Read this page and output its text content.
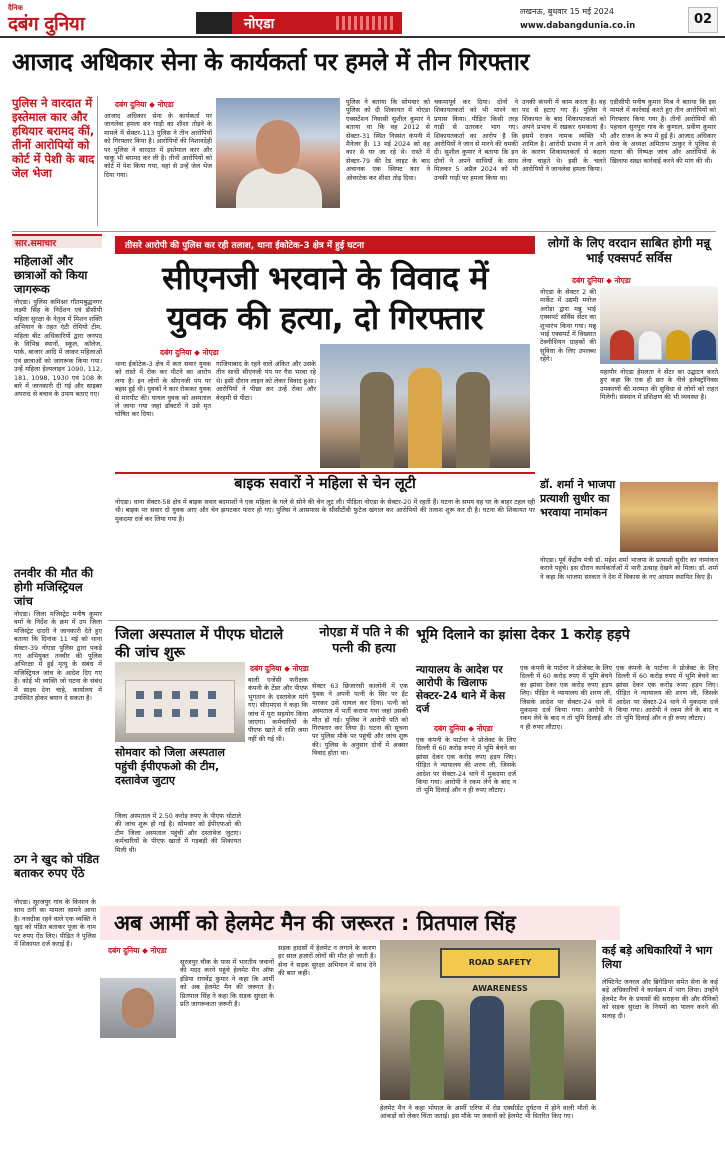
दैनिक
दबंग दुनिया	नोएडा
लखनऊ, बुधवार 15 मई 2024
www.dabangdunia.co.in	02
आजाद अधिकार सेना के कार्यकर्ता पर हमले में तीन गिरफ्तार
पुलिस ने वारदात में इस्तेमाल कार और हथियार बरामद कीं, तीनों आरोपियों को कोर्ट में पेशी के बाद जेल भेजा
दबंग दुनिया ◆ नोएडा
आजाद अधिकार सेना के कार्यकर्ता पर जानलेवा हमला कर गाड़ी का शीशा तोड़ने के मामले में सेक्टर-113 पुलिस ने तीन आरोपियों को गिरफ्तार किया है। आरोपियों की निशानदेही पर पुलिस ने वारदात में इस्तेमाल कार और चाकू भी बरामद कर ली है। तीनों आरोपियों को कोर्ट में पेश किया गया, वहां से उन्हें जेल भेज दिया गया।
पुलिस ने बताया कि सोमवार को पुलिस को दी शिकायत में नोएडा एक्सटेंशन निवासी सुशील कुमार ने बताया था कि वह 2012 से सेक्टर-31 स्थित निस्संत कंपनी में मैनेजर हैं। 13 मई 2024 को वह कार से घर जा रहे थे। रास्ते में सेक्टर-79 की रेड लाइट के बाद अचानक एक स्विफ्ट कार ने ओवरटेक कर शीशा तोड़ दिया।
चकमापूर्व कर दिया। दोनों ने शिकायतकर्ता को भी मारने का प्रयास किया। पीड़ित किसी तरह गाड़ी से उतरकर भाग गए। शिकायतकर्ता का आरोप है कि आरोपियों ने जान से मारने की धमकी दी। सुशील कुमार ने बताया कि इन दोनों ने अपने साथियों के साथ मिलकर 5 अप्रैल 2024 को भी उनकी गाड़ी पर हमला किया था।
उनकी कंपनी में काम करता है। वह पद से हटाए गए हैं। पुलिस ने शिकायत के बाद शिकायतकर्ता को अपने प्रभाव में रखकर धमकाया है। इसमें राजन नामक व्यक्ति भी शामिल है। आरोपी प्रभाव में न आने के कारण शिकायतकर्ता से बदला लेना चाहते थे। इसी के चलते आरोपियों ने जानलेवा हमला किया।
एडीसीपी मनीष कुमार मिश्र ने बताया कि इस मामले में कार्रवाई करते हुए तीन आरोपियों को गिरफ्तार किया गया है। तीनों आरोपियों की पहचान सुनपुरा गांव के कुणाल, प्रवीण कुमार और राजन के रूप में हुई है। आजाद अधिकार सेना के अध्यक्ष अमिताभ ठाकुर ने पुलिस से घटना की निष्पक्ष जांच और आरोपियों के खिलाफ सख्त कार्रवाई करने की मांग की थी।
सार.समाचार
महिलाओं और छात्राओं को किया जागरूक
नोएडा। पुलिस कमिश्नर गौतमबुद्धनगर लक्ष्मी सिंह के निर्देशन एवं डीसीपी महिला सुरक्षा के नेतृत्व में मिशन शक्ति अभियान के तहत एंटी रोमियो टीम, महिला बीट अधिकारियों द्वारा जनपद के विभिन्न स्थानों, स्कूल, कॉलेज, पार्क, बाजार आदि में जाकर महिलाओं एवं छात्राओं को जागरूक किया गया। उन्हें महिला हेल्पलाइन 1090, 112, 181, 1098, 1930 एवं 108 के बारे में जानकारी दी गई और साइबर अपराध से बचाव के उपाय बताए गए।
तनवीर की मौत की होगी मजिस्ट्रियल जांच
नोएडा। जिला मजिस्ट्रेट मनीष कुमार वर्मा के निर्देश के क्रम में उप जिला मजिस्ट्रेट दादरी ने जानकारी देते हुए बताया कि दिनांक 11 मई को थाना सेक्टर-39 नोएडा पुलिस द्वारा पकड़े गए अभियुक्त तनवीर की पुलिस अभिरक्षा में हुई मृत्यु के संबंध में मजिस्ट्रियल जांच के आदेश दिए गए हैं। कोई भी व्यक्ति जो घटना के संबंध में साक्ष्य देना चाहे, कार्यालय में उपस्थित होकर बयान दे सकता है।
ठग ने खुद को पंडित बताकर रुपए ऐंठे
नोएडा। सूरजपुर गांव के किसान के साथ ठगी का मामला सामने आया है। नजदीक रहने वाले एक व्यक्ति ने खुद को पंडित बताकर पूजा के नाम पर रुपए ऐंठ लिए। पीड़ित ने पुलिस में शिकायत दर्ज कराई है।
तीसरे आरोपी की पुलिस कर रही तलाश, थाना ईकोटेक-3 क्षेत्र में हुई घटना
सीएनजी भरवाने के विवाद में
युवक की हत्या, दो गिरफ्तार
दबंग दुनिया ◆ नोएडा
थाना ईकोटेक-3 क्षेत्र में कार सवार युवक को रास्ते में रोक कर पीटने का आरोप लगा है। इन लोगों के सीएनजी पंप पर बहस हुई थी। युवकों ने कार रोककर युवक से मारपीट की। घायल युवक को अस्पताल ले जाया गया जहां डॉक्टरों ने उसे मृत घोषित कर दिया।
गाजियाबाद के रहने वाले अंकित और उसके तीन साथी सीएनजी पंप पर गैस भरवा रहे थे। इसी दौरान लाइन को लेकर विवाद हुआ। आरोपियों ने पीछा कर उन्हें रोका और बेरहमी से पीटा।
लोगों के लिए वरदान साबित होगी मन्नू भाई एक्सपर्ट सर्विस
दबंग दुनिया ◆ नोएडा
नोएडा के सेक्टर 2 की मार्केट में उद्यमी मनोज अरोड़ा द्वारा मन्नू भाई एक्सपर्ट सर्विस सेंटर का शुभारंभ किया गया। मन्नू भाई एक्सपर्ट में विख्यात टेक्नीशियन ग्राहकों की सुविधा के लिए उपलब्ध रहेंगे।
महापौर नोएडा हेमलता ने सेंटर का उद्घाटन करते हुए कहा कि एक ही छत के नीचे इलेक्ट्रॉनिक्स उपकरणों की मरम्मत की सुविधा से लोगों को राहत मिलेगी। संस्थान में प्रशिक्षण की भी व्यवस्था है।
डॉ. शर्मा ने भाजपा प्रत्याशी सुधीर का भरवाया नामांकन
नोएडा। पूर्व केंद्रीय मंत्री डॉ. महेश शर्मा भाजपा के प्रत्याशी सुधीर का नामांकन कराने पहुंचे। इस दौरान कार्यकर्ताओं में भारी उत्साह देखने को मिला। डॉ. शर्मा ने कहा कि भाजपा सरकार ने देश में विकास के नए आयाम स्थापित किए हैं।
बाइक सवारों ने महिला से चेन लूटी
नोएडा। थाना सेक्टर-58 क्षेत्र में बाइक सवार बदमाशों ने एक महिला के गले से सोने की चेन लूट ली। पीड़िता नोएडा के सेक्टर-20 में रहती हैं। घटना के समय वह घर के बाहर टहल रही थी। बाइक पर सवार दो युवक आए और चेन झपटकर फरार हो गए। पुलिस ने आसपास के सीसीटीवी फुटेज खंगाल कर आरोपियों की तलाश शुरू कर दी है। घटना की शिकायत पर मुकदमा दर्ज कर लिया गया है।
जिला अस्पताल में पीएफ घोटाले की जांच शुरू
सोमवार को जिला अस्पताल पहुंची ईपीएफओ की टीम, दस्तावेज जुटाए
दबंग दुनिया ◆ नोएडा
जिला अस्पताल में 2.50 करोड़ रुपए के पीएफ घोटाले की जांच शुरू हो गई है। सोमवार को ईपीएफओ की टीम जिला अस्पताल पहुंची और दस्तावेज जुटाए। कर्मचारियों के पीएफ खातों में गड़बड़ी की शिकायत मिली थी।
बाली एजेंसी फरीक्षक कंपनी के टेंडर और पीएफ भुगतान के दस्तावेज मांगे गए। सीएमएस ने कहा कि जांच में पूरा सहयोग किया जाएगा। कर्मचारियों के पीएफ खाते में राशि जमा नहीं की गई थी।
नोएडा में पति ने की पत्नी की हत्या
सेक्टर 63 छिजारसी कालोनी में एक युवक ने अपनी पत्नी के सिर पर ईंट मारकर उसे घायल कर दिया। पत्नी को अस्पताल में भर्ती कराया गया जहां उसकी मौत हो गई। पुलिस ने आरोपी पति को गिरफ्तार कर लिया है। घटना की सूचना पर पुलिस मौके पर पहुंची और जांच शुरू की। पुलिस के अनुसार दोनों में अक्सर विवाद होता था।
भूमि दिलाने का झांसा देकर 1 करोड़ हड़पे
न्यायालय के आदेश पर आरोपी के खिलाफ सेक्टर-24 थाने में केस दर्ज
दबंग दुनिया ◆ नोएडा
एक कंपनी के पार्टनर ने प्रोजेक्ट के लिए दिल्ली में 60 करोड़ रुपए में भूमि बेचने का झांसा देकर एक करोड़ रुपए हड़प लिए। पीड़ित ने न्यायालय की शरण ली, जिसके आदेश पर सेक्टर-24 थाने में मुकदमा दर्ज किया गया। आरोपी ने रकम लेने के बाद न तो भूमि दिलाई और न ही रुपए लौटाए।
एक कंपनी के पार्टनर ने प्रोजेक्ट के लिए दिल्ली में 60 करोड़ रुपए में भूमि बेचने का झांसा देकर एक करोड़ रुपए हड़प लिए। पीड़ित ने न्यायालय की शरण ली, जिसके आदेश पर सेक्टर-24 थाने में मुकदमा दर्ज किया गया। आरोपी ने रकम लेने के बाद न तो भूमि दिलाई और न ही रुपए लौटाए।
एक कंपनी के पार्टनर ने प्रोजेक्ट के लिए दिल्ली में 60 करोड़ रुपए में भूमि बेचने का झांसा देकर एक करोड़ रुपए हड़प लिए। पीड़ित ने न्यायालय की शरण ली, जिसके आदेश पर सेक्टर-24 थाने में मुकदमा दर्ज किया गया। आरोपी ने रकम लेने के बाद न तो भूमि दिलाई और न ही रुपए लौटाए।
अब आर्मी को हेलमेट मैन की जरूरत : प्रितपाल सिंह
दबंग दुनिया ◆ नोएडा
सूरजपुर चौक के पास में भारतीय जवानों की मदद करने पहुंचे हेलमेट मैन ऑफ इंडिया राघवेंद्र कुमार ने कहा कि आर्मी को अब हेलमेट मैन की जरूरत है। प्रितपाल सिंह ने कहा कि सड़क सुरक्षा के प्रति जागरूकता जरूरी है।
सड़क हादसों में हेलमेट न लगाने के कारण हर साल हजारों लोगों की मौत हो जाती है। सेना ने सड़क सुरक्षा अभियान में साथ देने की बात कही।
ROAD SAFETY AWARENESS
हेलमेट मैन ने कहा भोपाल के आर्मी एरिया में रोड एक्सीडेंट दुर्घटना में होने वाली मौतों के आंकड़ों को लेकर चिंता जताई। इस मौके पर जवानों को हेलमेट भी वितरित किए गए।
कई बड़े अधिकारियों ने भाग लिया
लेफ्टिनेंट जनरल और ब्रिगेडियर समेत सेना के कई बड़े अधिकारियों ने कार्यक्रम में भाग लिया। उन्होंने हेलमेट मैन के प्रयासों की सराहना की और सैनिकों को सड़क सुरक्षा के नियमों का पालन करने की सलाह दी।
